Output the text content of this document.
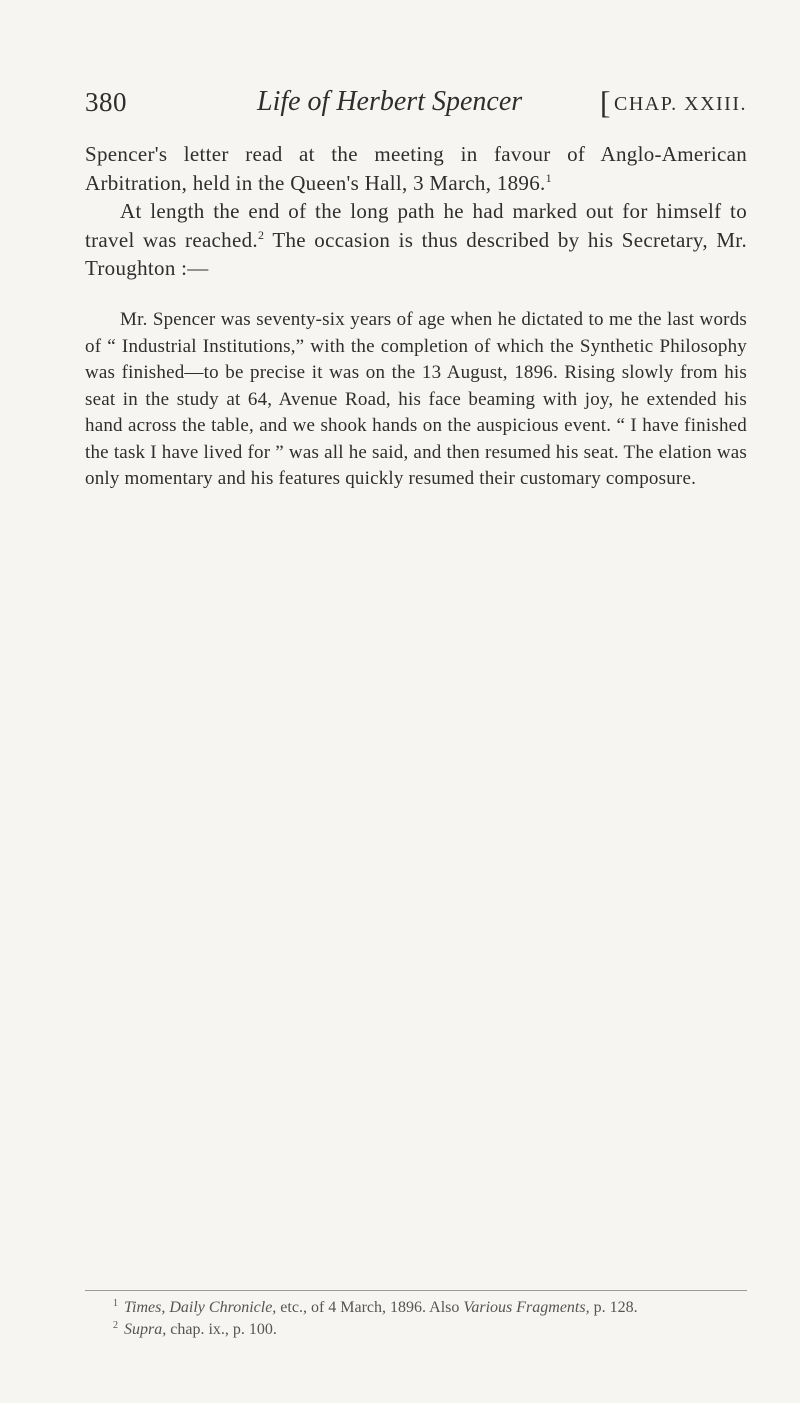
380	Life of Herbert Spencer [ CHAP. XXIII.

Spencer's letter read at the meeting in favour of Anglo-American Arbitration, held in the Queen's Hall, 3 March, 1896.$^1$

At length the end of the long path he had marked out for himself to travel was reached.$^2$ The occasion is thus described by his Secretary, Mr. Troughton :—

Mr. Spencer was seventy-six years of age when he dictated to me the last words of “ Industrial Institutions,” with the completion of which the Synthetic Philosophy was finished—to be precise it was on the 13 August, 1896. Rising slowly from his seat in the study at 64, Avenue Road, his face beaming with joy, he extended his hand across the table, and we shook hands on the auspicious event. “ I have finished the task I have lived for ” was all he said, and then resumed his seat. The elation was only momentary and his features quickly resumed their customary composure.

$^1$ Times, Daily Chronicle, etc., of 4 March, 1896. Also Various Fragments, p. 128.

$^2$ Supra, chap. ix., p. 100.
